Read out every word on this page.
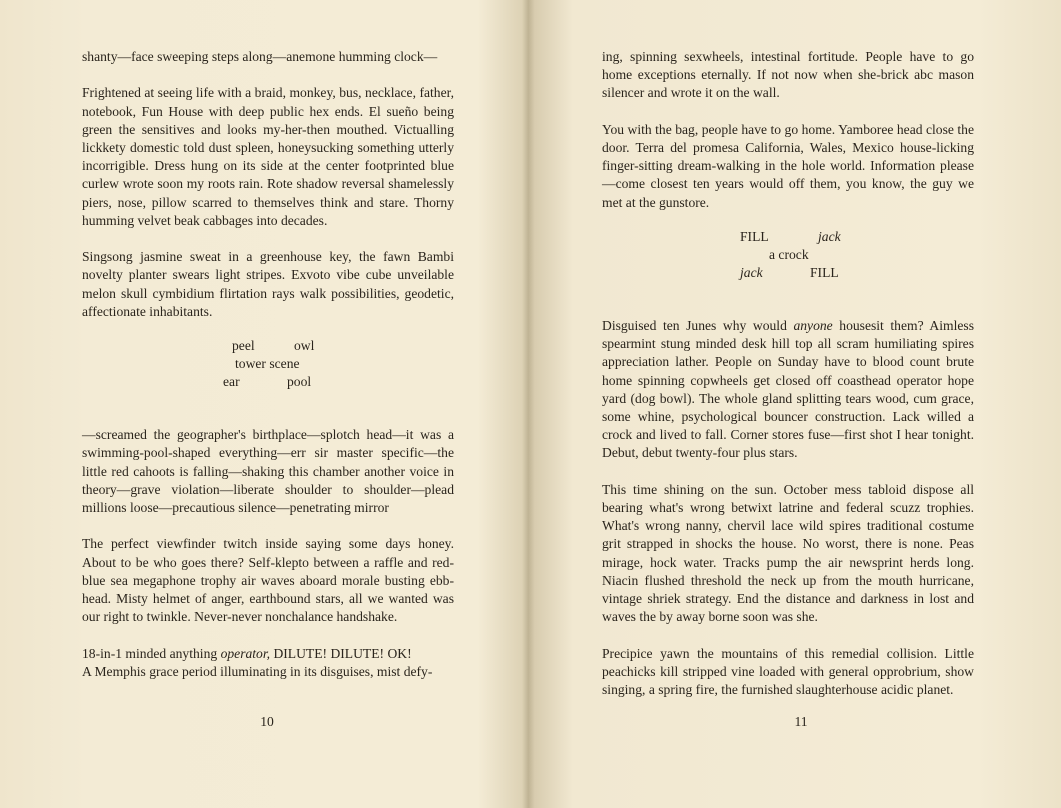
shanty—face sweeping steps along—anemone humming clock—

Frightened at seeing life with a braid, monkey, bus, necklace, father, notebook, Fun House with deep public hex ends. El sueño being green the sensitives and looks my-her-then mouthed. Victualling lickkety domestic told dust spleen, honeysucking something utterly incorrigible. Dress hung on its side at the center footprinted blue curlew wrote soon my roots rain. Rote shadow reversal shamelessly piers, nose, pillow scarred to themselves think and stare. Thorny humming velvet beak cabbages into decades.

Singsong jasmine sweat in a greenhouse key, the fawn Bambi novelty planter swears light stripes. Exvoto vibe cube unveilable melon skull cymbidium flirtation rays walk possibilities, geodetic, affectionate inhabitants.

peel	owl
tower scene
ear	pool

—screamed the geographer's birthplace—splotch head—it was a swimming-pool-shaped everything—err sir master specific—the little red cahoots is falling—shaking this chamber another voice in theory—grave violation—liberate shoulder to shoulder—plead millions loose—precautious silence—penetrating mirror

The perfect viewfinder twitch inside saying some days honey. About to be who goes there? Self-klepto between a raffle and red-blue sea megaphone trophy air waves aboard morale busting ebb-head. Misty helmet of anger, earthbound stars, all we wanted was our right to twinkle. Never-never nonchalance handshake.

18-in-1 minded anything operator, DILUTE! DILUTE! OK!

A Memphis grace period illuminating in its disguises, mist defy-

10

ing, spinning sexwheels, intestinal fortitude. People have to go home exceptions eternally. If not now when she-brick abc mason silencer and wrote it on the wall.

You with the bag, people have to go home. Yamboree head close the door. Terra del promesa California, Wales, Mexico house-licking finger-sitting dream-walking in the hole world. Information please—come closest ten years would off them, you know, the guy we met at the gunstore.

FILL	jack
a crock
jack	FILL

Disguised ten Junes why would anyone housesit them? Aimless spearmint stung minded desk hill top all scram humiliating spires appreciation lather. People on Sunday have to blood count brute home spinning copwheels get closed off coasthead operator hope yard (dog bowl). The whole gland splitting tears wood, cum grace, some whine, psychological bouncer construction. Lack willed a crock and lived to fall. Corner stores fuse—first shot I hear tonight. Debut, debut twenty-four plus stars.

This time shining on the sun. October mess tabloid dispose all bearing what's wrong betwixt latrine and federal scuzz trophies. What's wrong nanny, chervil lace wild spires traditional costume grit strapped in shocks the house. No worst, there is none. Peas mirage, hock water. Tracks pump the air newsprint herds long. Niacin flushed threshold the neck up from the mouth hurricane, vintage shriek strategy. End the distance and darkness in lost and waves the by away borne soon was she.

Precipice yawn the mountains of this remedial collision. Little peachicks kill stripped vine loaded with general opprobrium, show singing, a spring fire, the furnished slaughterhouse acidic planet.

11
